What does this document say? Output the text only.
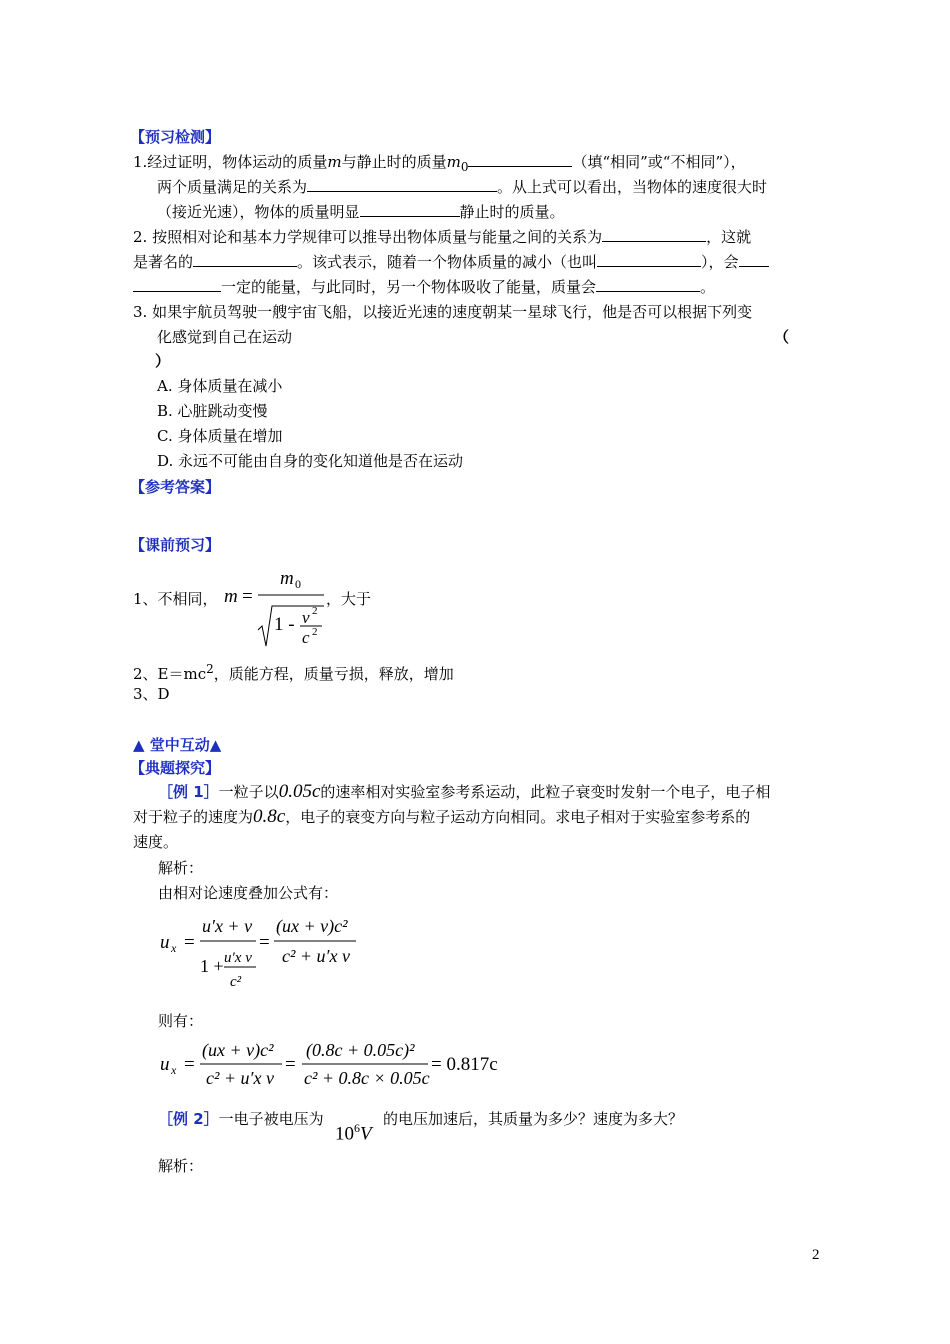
【预习检测】
1.经过证明，物体运动的质量m与静止时的质量$m_0$	（填“相同”或“不相同”），
两个质量满足的关系为	。从上式可以看出，当物体的速度很大时
（接近光速），物体的质量明显	静止时的质量。
2. 按照相对论和基本力学规律可以推导出物体质量与能量之间的关系为	，这就
是著名的	。该式表示，随着一个物体质量的减小（也叫	），会
一定的能量，与此同时，另一个物体吸收了能量，质量会	。
3. 如果宇航员驾驶一艘宇宙飞船，以接近光速的速度朝某一星球飞行，他是否可以根据下列变
化感觉到自己在运动	（
）
A. 身体质量在减小
B. 心脏跳动变慢
C. 身体质量在增加
D. 永远不可能由自身的变化知道他是否在运动
【参考答案】
【课前预习】
1、不相同， m =
m 0
1 - v 2
c 2
，大于
2、$E=mc^2$，质能方程，质量亏损，释放，增加
3、D
▲ 堂中互动▲
【典题探究】
［例 1］一粒子以0.05c的速率相对实验室参考系运动，此粒子衰变时发射一个电子，电子相
对于粒子的速度为0.8c，电子的衰变方向与粒子运动方向相同。求电子相对于实验室参考系的
速度。
解析：
由相对论速度叠加公式有：
u x =
u′x + v
1 + u′x v
c²
=
(ux + v)c²
c² + u′x v
则有：
u x =
(ux + v)c²
c² + u′x v
=
(0.8c + 0.05c)²
c² + 0.8c × 0.05c
= 0.817c
［例 2］一电子被电压为
$10^6V$
的电压加速后，其质量为多少？速度为多大？
解析：
2
